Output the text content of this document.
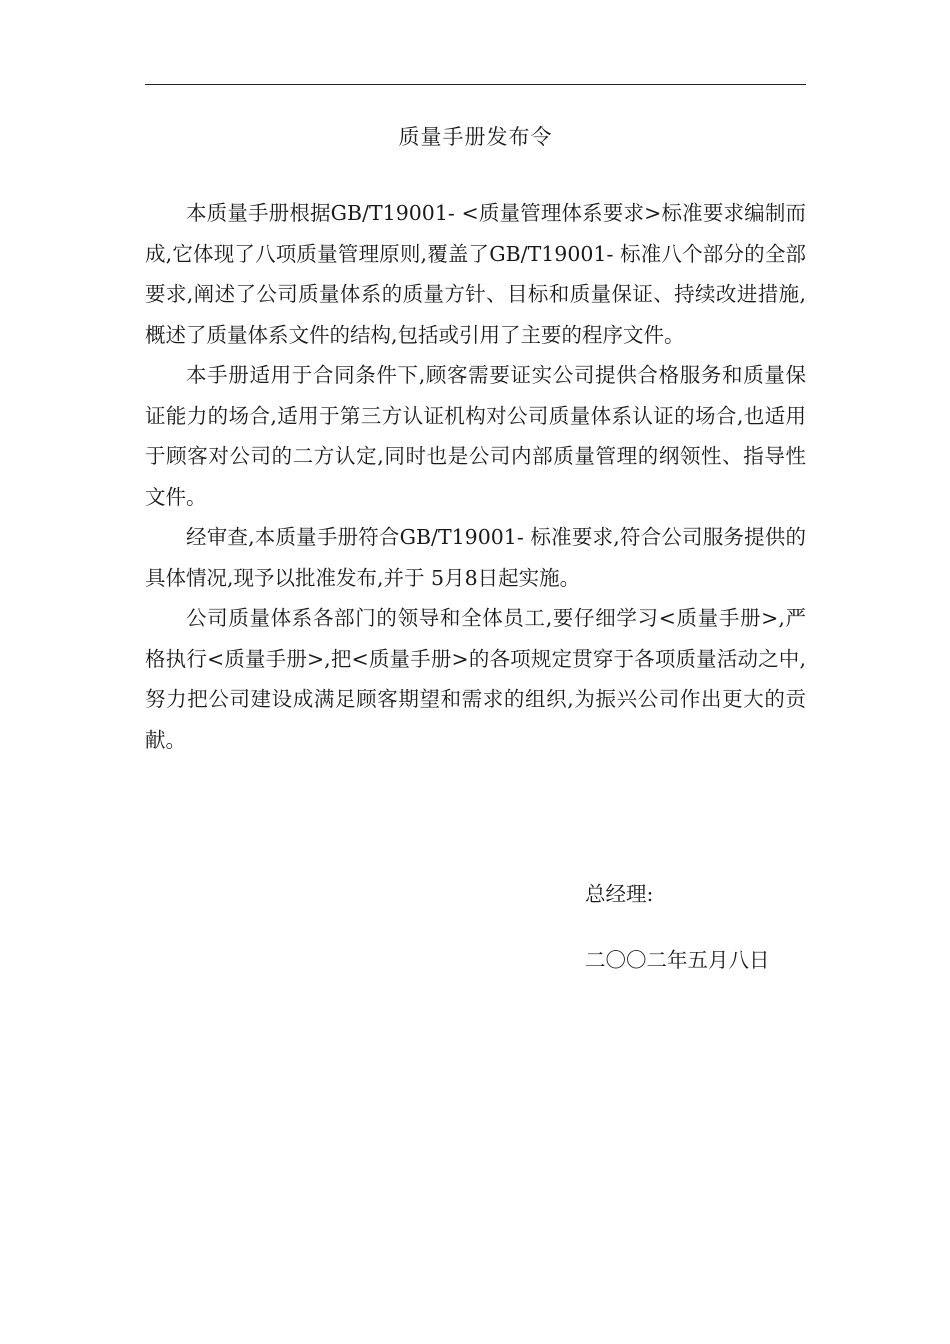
质量手册发布令

本质量手册根据GB/T19001- <质量管理体系要求>标准要求编制而成,它体现了八项质量管理原则,覆盖了GB/T19001- 标准八个部分的全部要求,阐述了公司质量体系的质量方针、目标和质量保证、持续改进措施,概述了质量体系文件的结构,包括或引用了主要的程序文件。

本手册适用于合同条件下,顾客需要证实公司提供合格服务和质量保证能力的场合,适用于第三方认证机构对公司质量体系认证的场合,也适用于顾客对公司的二方认定,同时也是公司内部质量管理的纲领性、指导性文件。

经审查,本质量手册符合GB/T19001- 标准要求,符合公司服务提供的具体情况,现予以批准发布,并于 5月8日起实施。

公司质量体系各部门的领导和全体员工,要仔细学习<质量手册>,严格执行<质量手册>,把<质量手册>的各项规定贯穿于各项质量活动之中,努力把公司建设成满足顾客期望和需求的组织,为振兴公司作出更大的贡献。

总经理:
二〇〇二年五月八日
